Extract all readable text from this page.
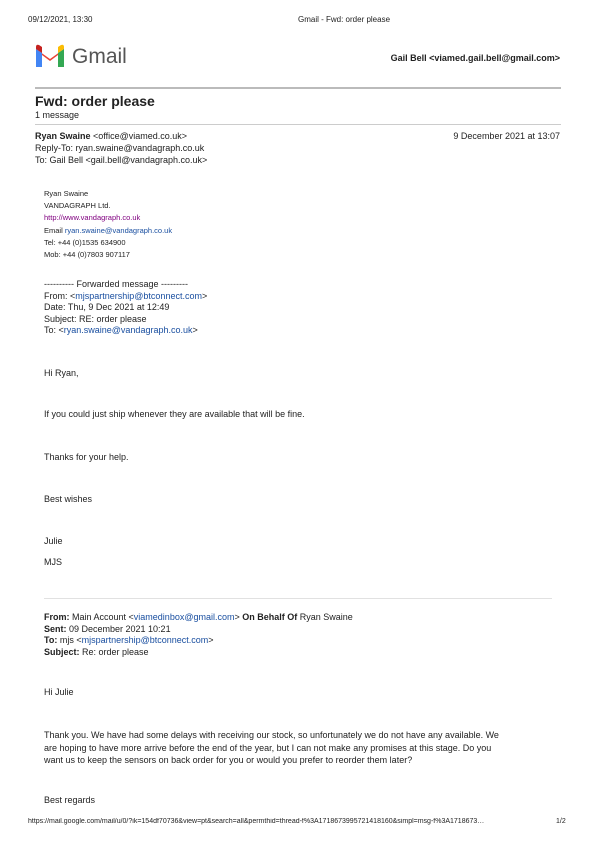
09/12/2021, 13:30	Gmail - Fwd: order please
Gmail	Gail Bell <viamed.gail.bell@gmail.com>
Fwd: order please
1 message
Ryan Swaine <office@viamed.co.uk>	9 December 2021 at 13:07
Reply-To: ryan.swaine@vandagraph.co.uk
To: Gail Bell <gail.bell@vandagraph.co.uk>
Ryan Swaine
VANDAGRAPH Ltd.
http://www.vandagraph.co.uk
Email ryan.swaine@vandagraph.co.uk
Tel: +44 (0)1535 634900
Mob: +44 (0)7803 907117
---------- Forwarded message ---------
From: <mjspartnership@btconnect.com>
Date: Thu, 9 Dec 2021 at 12:49
Subject: RE: order please
To: <ryan.swaine@vandagraph.co.uk>
Hi Ryan,
If you could just ship whenever they are available that will be fine.
Thanks for your help.
Best wishes
Julie
MJS
From: Main Account <viamedinbox@gmail.com> On Behalf Of Ryan Swaine
Sent: 09 December 2021 10:21
To: mjs <mjspartnership@btconnect.com>
Subject: Re: order please
Hi Julie
Thank you. We have had some delays with receiving our stock, so unfortunately we do not have any available. We
are hoping to have more arrive before the end of the year, but I can not make any promises at this stage. Do you
want us to keep the sensors on back order for you or would you prefer to reorder them later?
Best regards
https://mail.google.com/mail/u/0/?ik=154df70736&view=pt&search=all&permthid=thread-f%3A1718673995721418160&simpl=msg-f%3A1718673…	1/2
